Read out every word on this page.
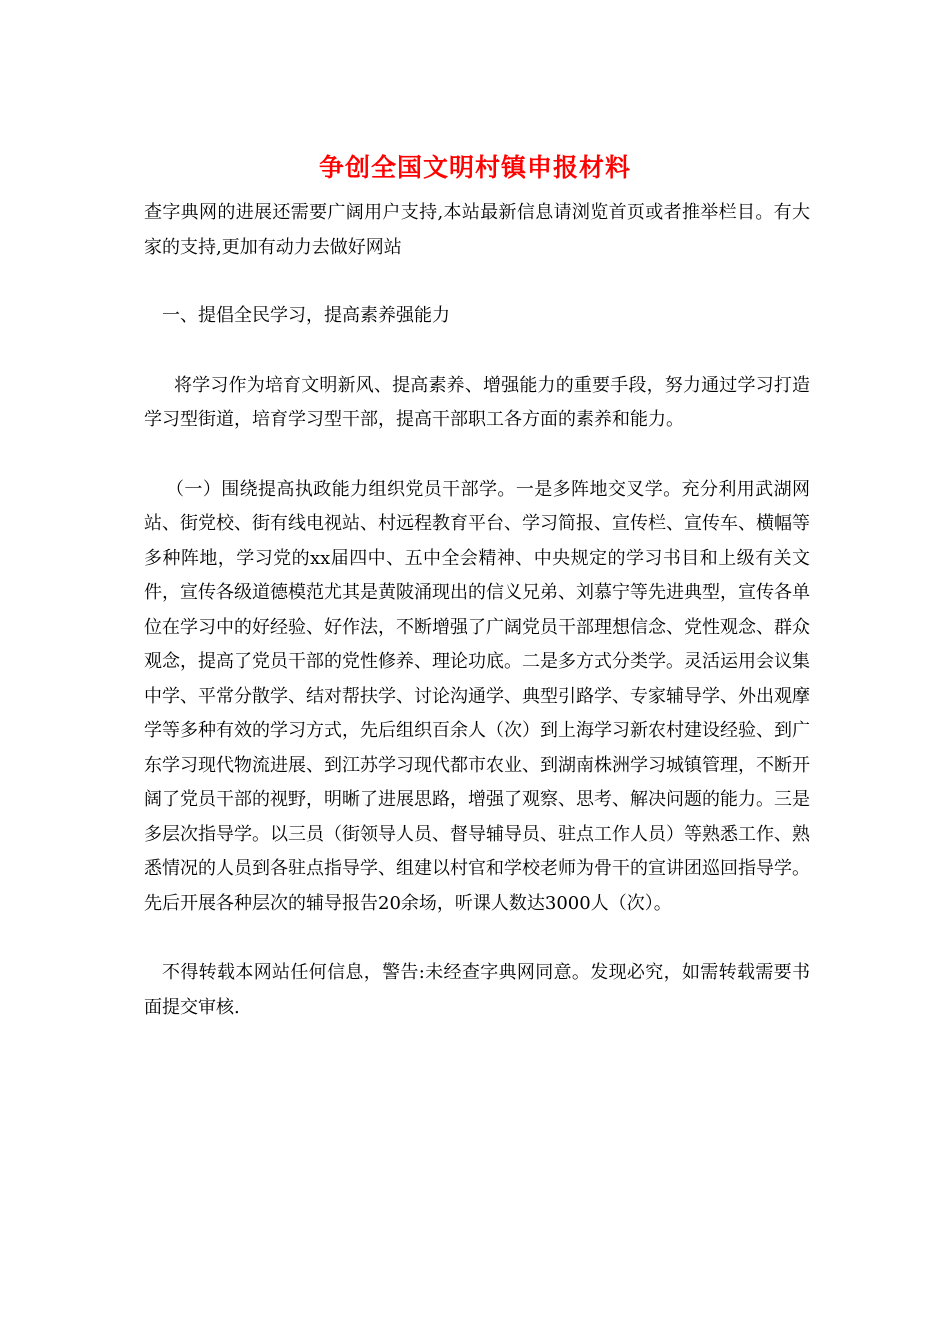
争创全国文明村镇申报材料

查字典网的进展还需要广阔用户支持,本站最新信息请浏览首页或者推举栏目。有大家的支持,更加有动力去做好网站

一、提倡全民学习，提高素养强能力

将学习作为培育文明新风、提高素养、增强能力的重要手段，努力通过学习打造学习型街道，培育学习型干部，提高干部职工各方面的素养和能力。

（一）围绕提高执政能力组织党员干部学。一是多阵地交叉学。充分利用武湖网站、街党校、街有线电视站、村远程教育平台、学习简报、宣传栏、宣传车、横幅等多种阵地，学习党的xx届四中、五中全会精神、中央规定的学习书目和上级有关文件，宣传各级道德模范尤其是黄陂涌现出的信义兄弟、刘慕宁等先进典型，宣传各单位在学习中的好经验、好作法，不断增强了广阔党员干部理想信念、党性观念、群众观念，提高了党员干部的党性修养、理论功底。二是多方式分类学。灵活运用会议集中学、平常分散学、结对帮扶学、讨论沟通学、典型引路学、专家辅导学、外出观摩学等多种有效的学习方式，先后组织百余人（次）到上海学习新农村建设经验、到广东学习现代物流进展、到江苏学习现代都市农业、到湖南株洲学习城镇管理，不断开阔了党员干部的视野，明晰了进展思路，增强了观察、思考、解决问题的能力。三是多层次指导学。以三员（街领导人员、督导辅导员、驻点工作人员）等熟悉工作、熟悉情况的人员到各驻点指导学、组建以村官和学校老师为骨干的宣讲团巡回指导学。先后开展各种层次的辅导报告20余场，听课人数达3000人（次）。

不得转载本网站任何信息，警告:未经查字典网同意。发现必究，如需转载需要书面提交审核.
